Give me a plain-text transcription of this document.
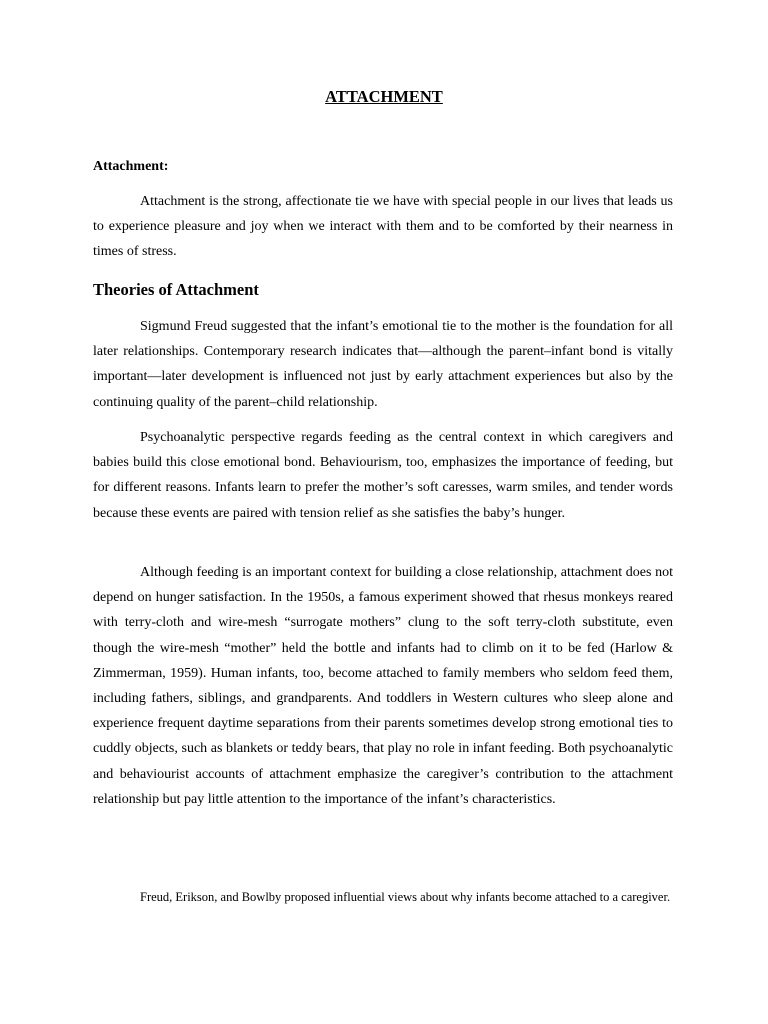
ATTACHMENT
Attachment:

Attachment is the strong, affectionate tie we have with special people in our lives that leads us to experience pleasure and joy when we interact with them and to be comforted by their nearness in times of stress.

Theories of Attachment

Sigmund Freud suggested that the infant’s emotional tie to the mother is the foundation for all later relationships. Contemporary research indicates that—although the parent–infant bond is vitally important—later development is influenced not just by early attachment experiences but also by the continuing quality of the parent–child relationship.

Psychoanalytic perspective regards feeding as the central context in which caregivers and babies build this close emotional bond. Behaviourism, too, emphasizes the importance of feeding, but for different reasons. Infants learn to prefer the mother’s soft caresses, warm smiles, and tender words because these events are paired with tension relief as she satisfies the baby’s hunger.

Although feeding is an important context for building a close relationship, attachment does not depend on hunger satisfaction. In the 1950s, a famous experiment showed that rhesus monkeys reared with terry-cloth and wire-mesh “surrogate mothers” clung to the soft terry-cloth substitute, even though the wire-mesh “mother” held the bottle and infants had to climb on it to be fed (Harlow & Zimmerman, 1959). Human infants, too, become attached to family members who seldom feed them, including fathers, siblings, and grandparents. And toddlers in Western cultures who sleep alone and experience frequent daytime separations from their parents sometimes develop strong emotional ties to cuddly objects, such as blankets or teddy bears, that play no role in infant feeding. Both psychoanalytic and behaviourist accounts of attachment emphasize the caregiver’s contribution to the attachment relationship but pay little attention to the importance of the infant’s characteristics.

Freud, Erikson, and Bowlby proposed influential views about why infants become attached to a caregiver.
